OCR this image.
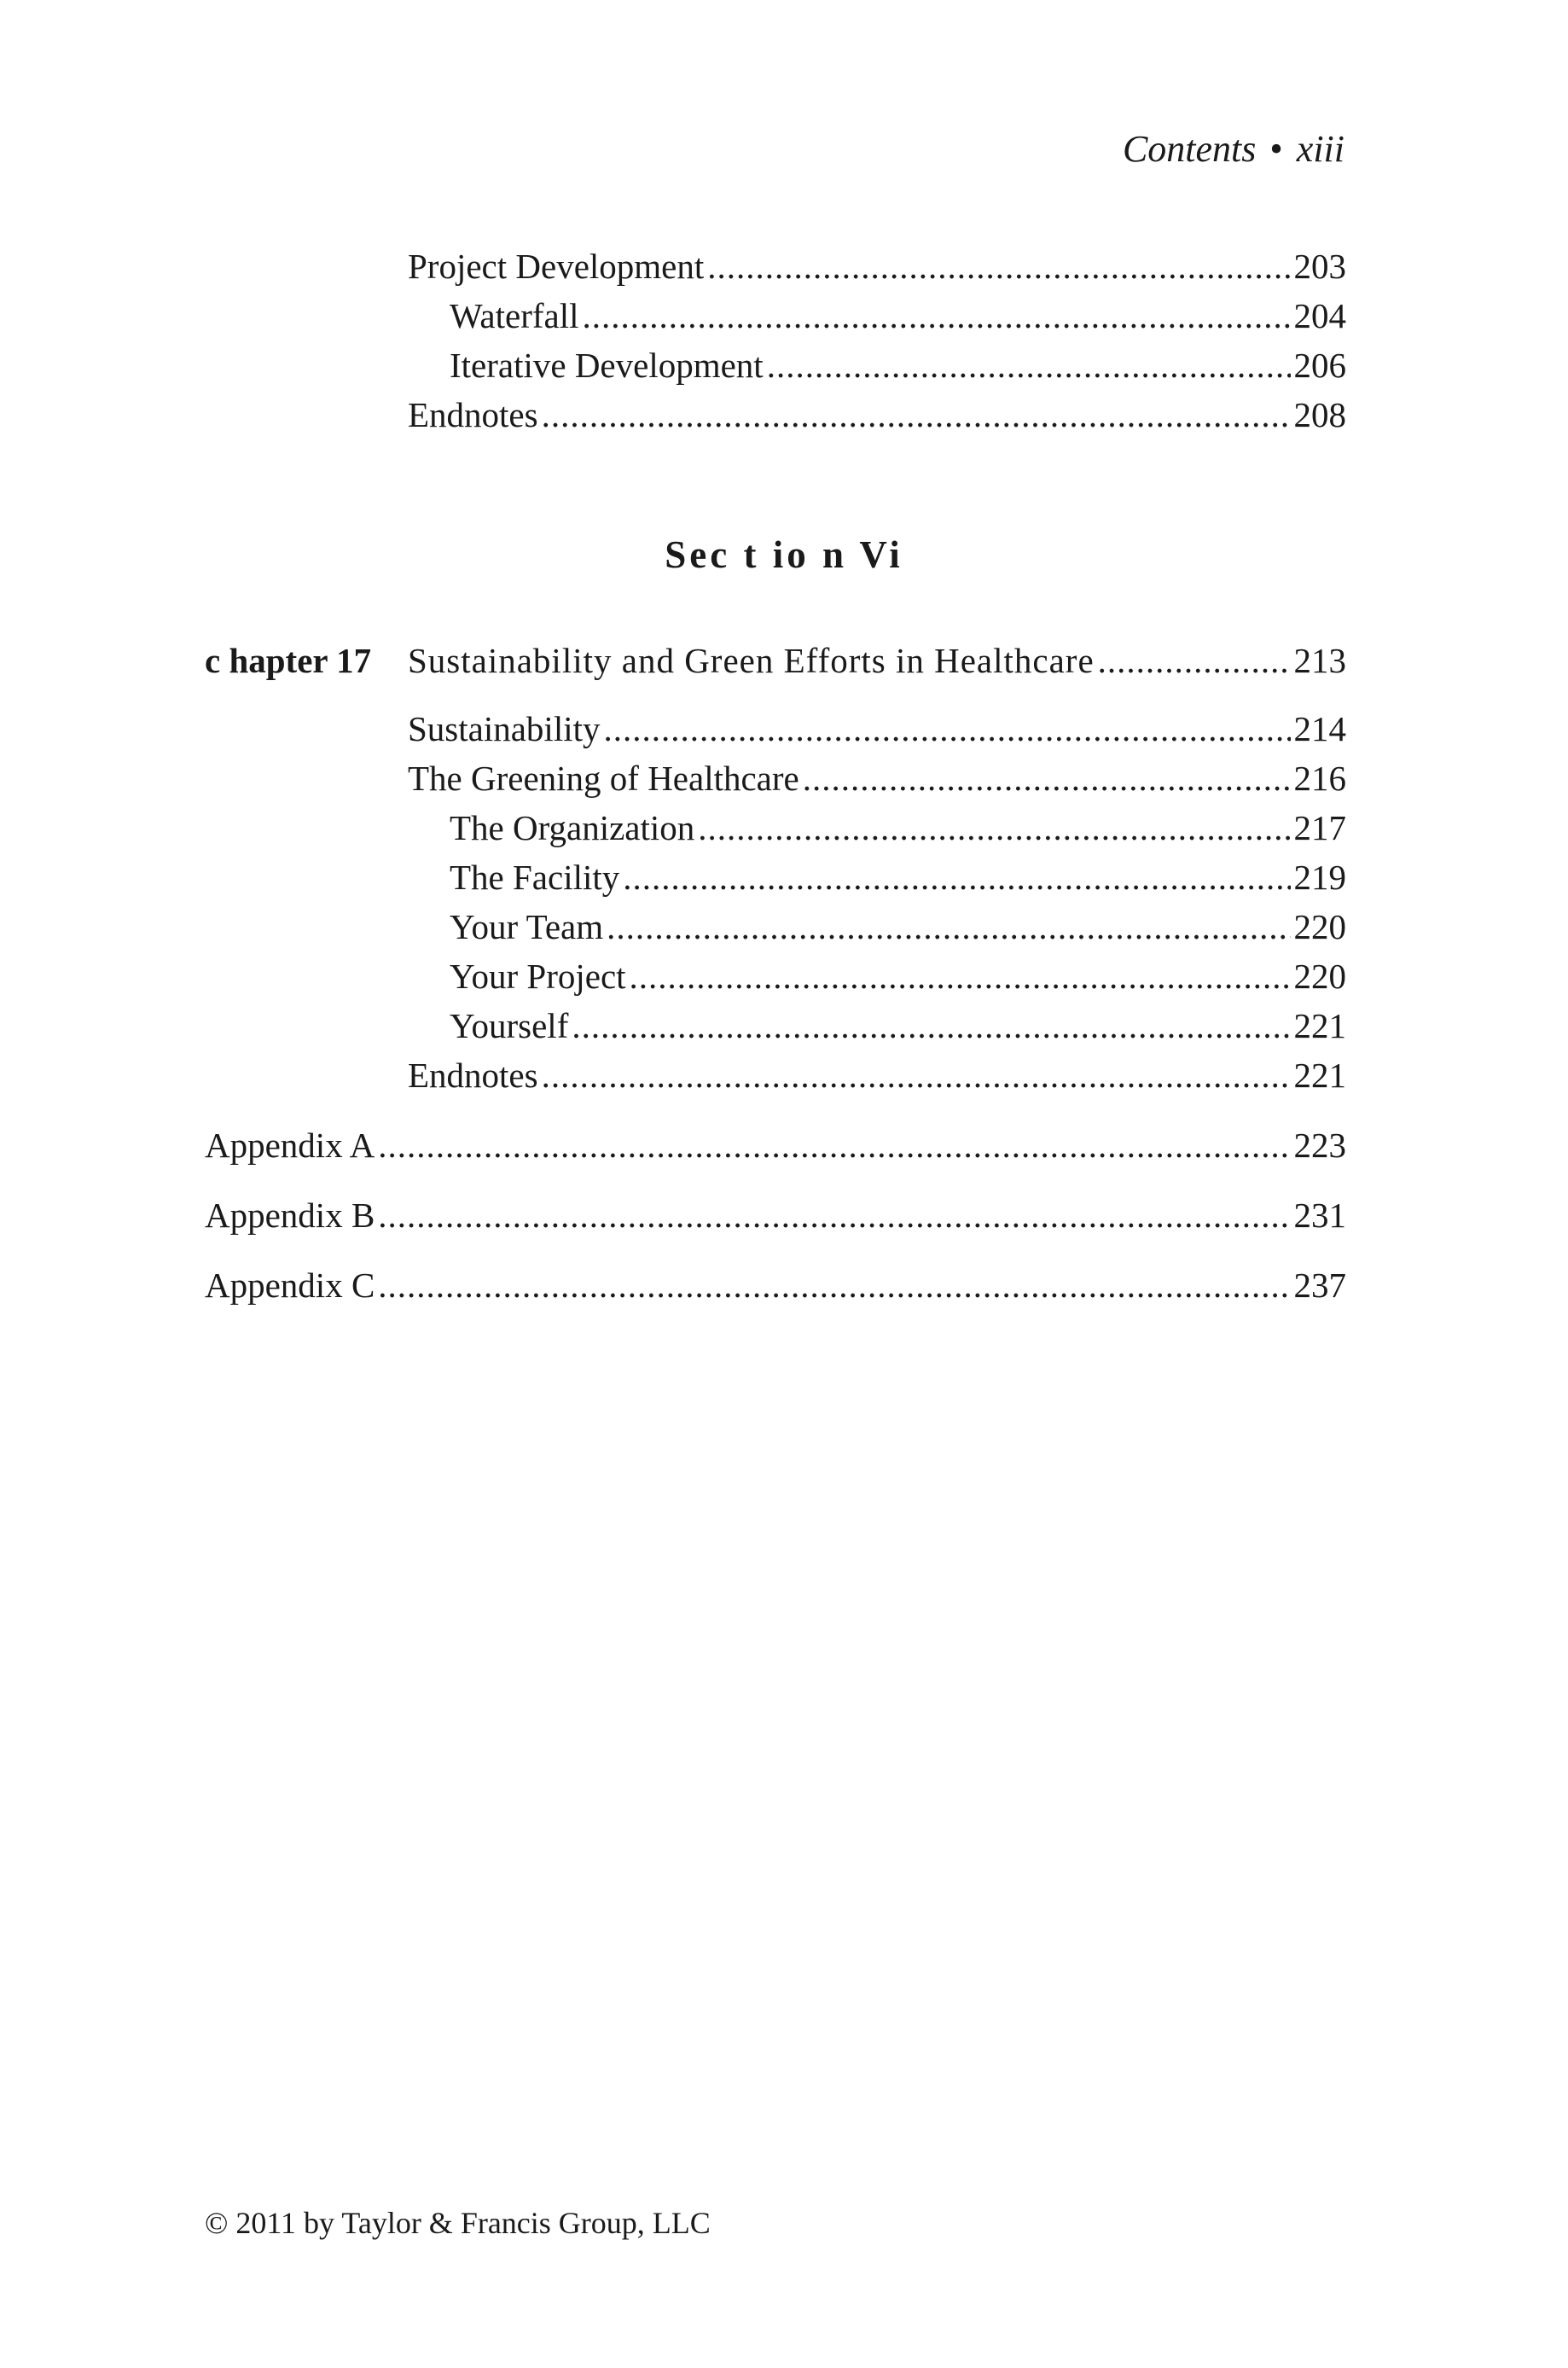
Contents • xiii
Project Development .....	203
Waterfall .....	204
Iterative Development .....	206
Endnotes .....	208
Sec t io n Vi
c hapter 17 Sustainability and Green Efforts in Healthcare .....	213
Sustainability .....	214
The Greening of Healthcare .....	216
The Organization .....	217
The Facility .....	219
Your Team .....	220
Your Project .....	220
Yourself .....	221
Endnotes .....	221
Appendix A .....	223
Appendix B .....	231
Appendix C .....	237
© 2011 by Taylor & Francis Group, LLC
